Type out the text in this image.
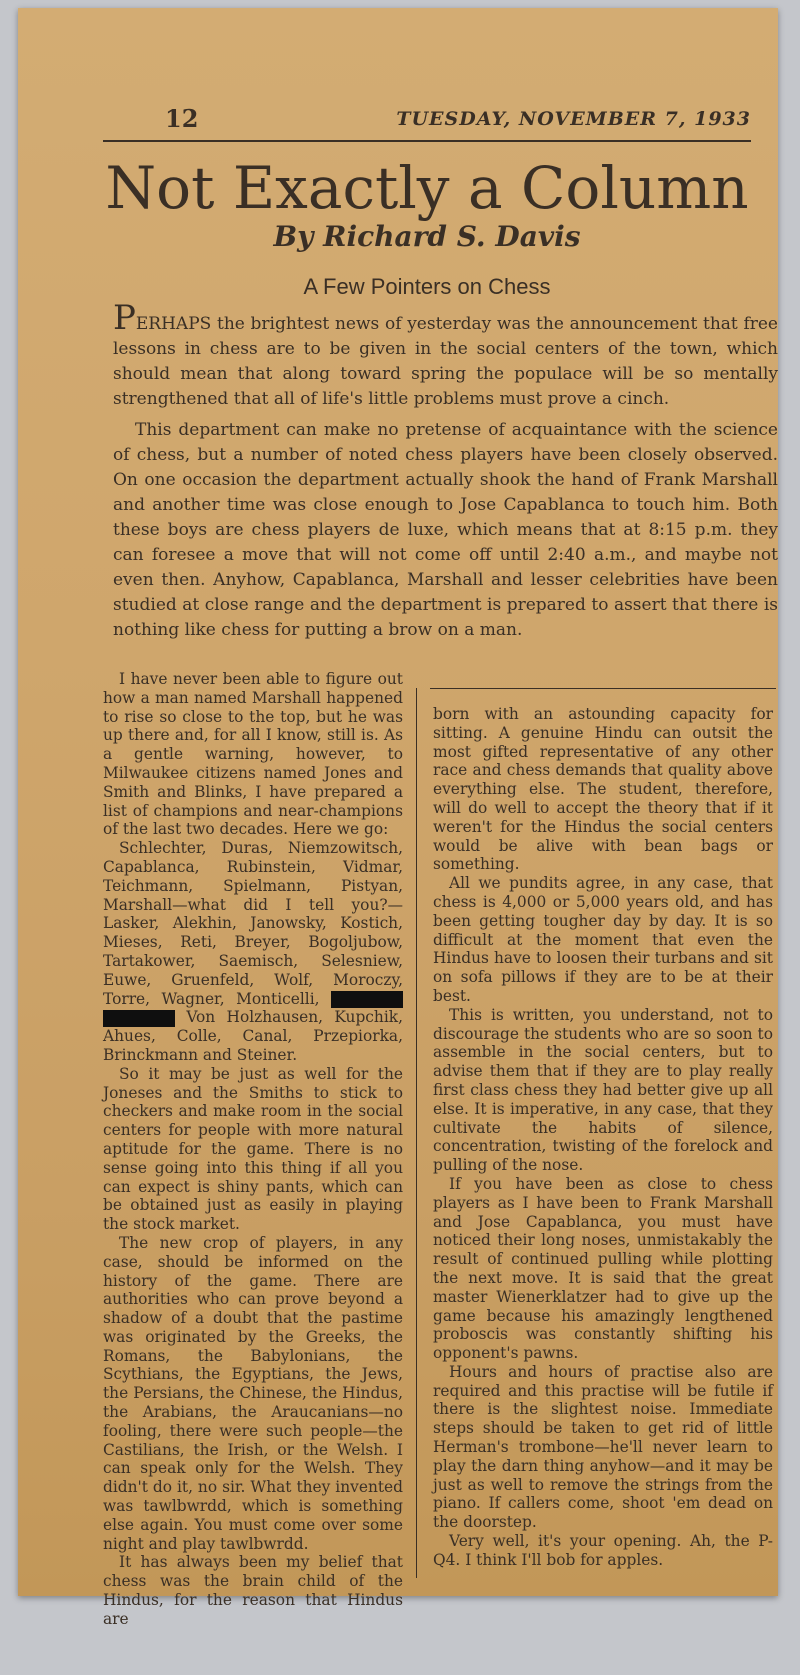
12	TUESDAY, NOVEMBER 7, 1933
Not Exactly a Column
By Richard S. Davis
A Few Pointers on Chess

PERHAPS the brightest news of yesterday was the announcement that free lessons in chess are to be given in the social centers of the town, which should mean that along toward spring the populace will be so mentally strengthened that all of life's little problems must prove a cinch.

This department can make no pretense of acquaintance with the science of chess, but a number of noted chess players have been closely observed. On one occasion the department actually shook the hand of Frank Marshall and another time was close enough to Jose Capablanca to touch him. Both these boys are chess players de luxe, which means that at 8:15 p.m. they can foresee a move that will not come off until 2:40 a.m., and maybe not even then. Anyhow, Capablanca, Marshall and lesser celebrities have been studied at close range and the department is prepared to assert that there is nothing like chess for putting a brow on a man.

I have never been able to figure out how a man named Marshall happened to rise so close to the top, but he was up there and, for all I know, still is. As a gentle warning, however, to Milwaukee citizens named Jones and Smith and Blinks, I have prepared a list of champions and near-champions of the last two decades. Here we go:

Schlechter, Duras, Niemzowitsch, Capablanca, Rubinstein, Vidmar, Teichmann, Spielmann, Pistyan, Marshall—what did I tell you?—Lasker, Alekhin, Janowsky, Kostich, Mieses, Reti, Breyer, Bogoljubow, Tartakower, Saemisch, Selesniew, Euwe, Gruenfeld, Wolf, Moroczy, Torre, Wagner, Monticelli,   Von Holzhausen, Kupchik, Ahues, Colle, Canal, Przepiorka, Brinckmann and Steiner.

So it may be just as well for the Joneses and the Smiths to stick to checkers and make room in the social centers for people with more natural aptitude for the game. There is no sense going into this thing if all you can expect is shiny pants, which can be obtained just as easily in playing the stock market.

The new crop of players, in any case, should be informed on the history of the game. There are authorities who can prove beyond a shadow of a doubt that the pastime was originated by the Greeks, the Romans, the Babylonians, the Scythians, the Egyptians, the Jews, the Persians, the Chinese, the Hindus, the Arabians, the Araucanians—no fooling, there were such people—the Castilians, the Irish, or the Welsh. I can speak only for the Welsh. They didn't do it, no sir. What they invented was tawlbwrdd, which is something else again. You must come over some night and play tawlbwrdd.

It has always been my belief that chess was the brain child of the Hindus, for the reason that Hindus are

born with an astounding capacity for sitting. A genuine Hindu can outsit the most gifted representative of any other race and chess demands that quality above everything else. The student, therefore, will do well to accept the theory that if it weren't for the Hindus the social centers would be alive with bean bags or something.

All we pundits agree, in any case, that chess is 4,000 or 5,000 years old, and has been getting tougher day by day. It is so difficult at the moment that even the Hindus have to loosen their turbans and sit on sofa pillows if they are to be at their best.

This is written, you understand, not to discourage the students who are so soon to assemble in the social centers, but to advise them that if they are to play really first class chess they had better give up all else. It is imperative, in any case, that they cultivate the habits of silence, concentration, twisting of the forelock and pulling of the nose.

If you have been as close to chess players as I have been to Frank Marshall and Jose Capablanca, you must have noticed their long noses, unmistakably the result of continued pulling while plotting the next move. It is said that the great master Wienerklatzer had to give up the game because his amazingly lengthened proboscis was constantly shifting his opponent's pawns.

Hours and hours of practise also are required and this practise will be futile if there is the slightest noise. Immediate steps should be taken to get rid of little Herman's trombone—he'll never learn to play the darn thing anyhow—and it may be just as well to remove the strings from the piano. If callers come, shoot 'em dead on the doorstep.

Very well, it's your opening. Ah, the P-Q4. I think I'll bob for apples.
